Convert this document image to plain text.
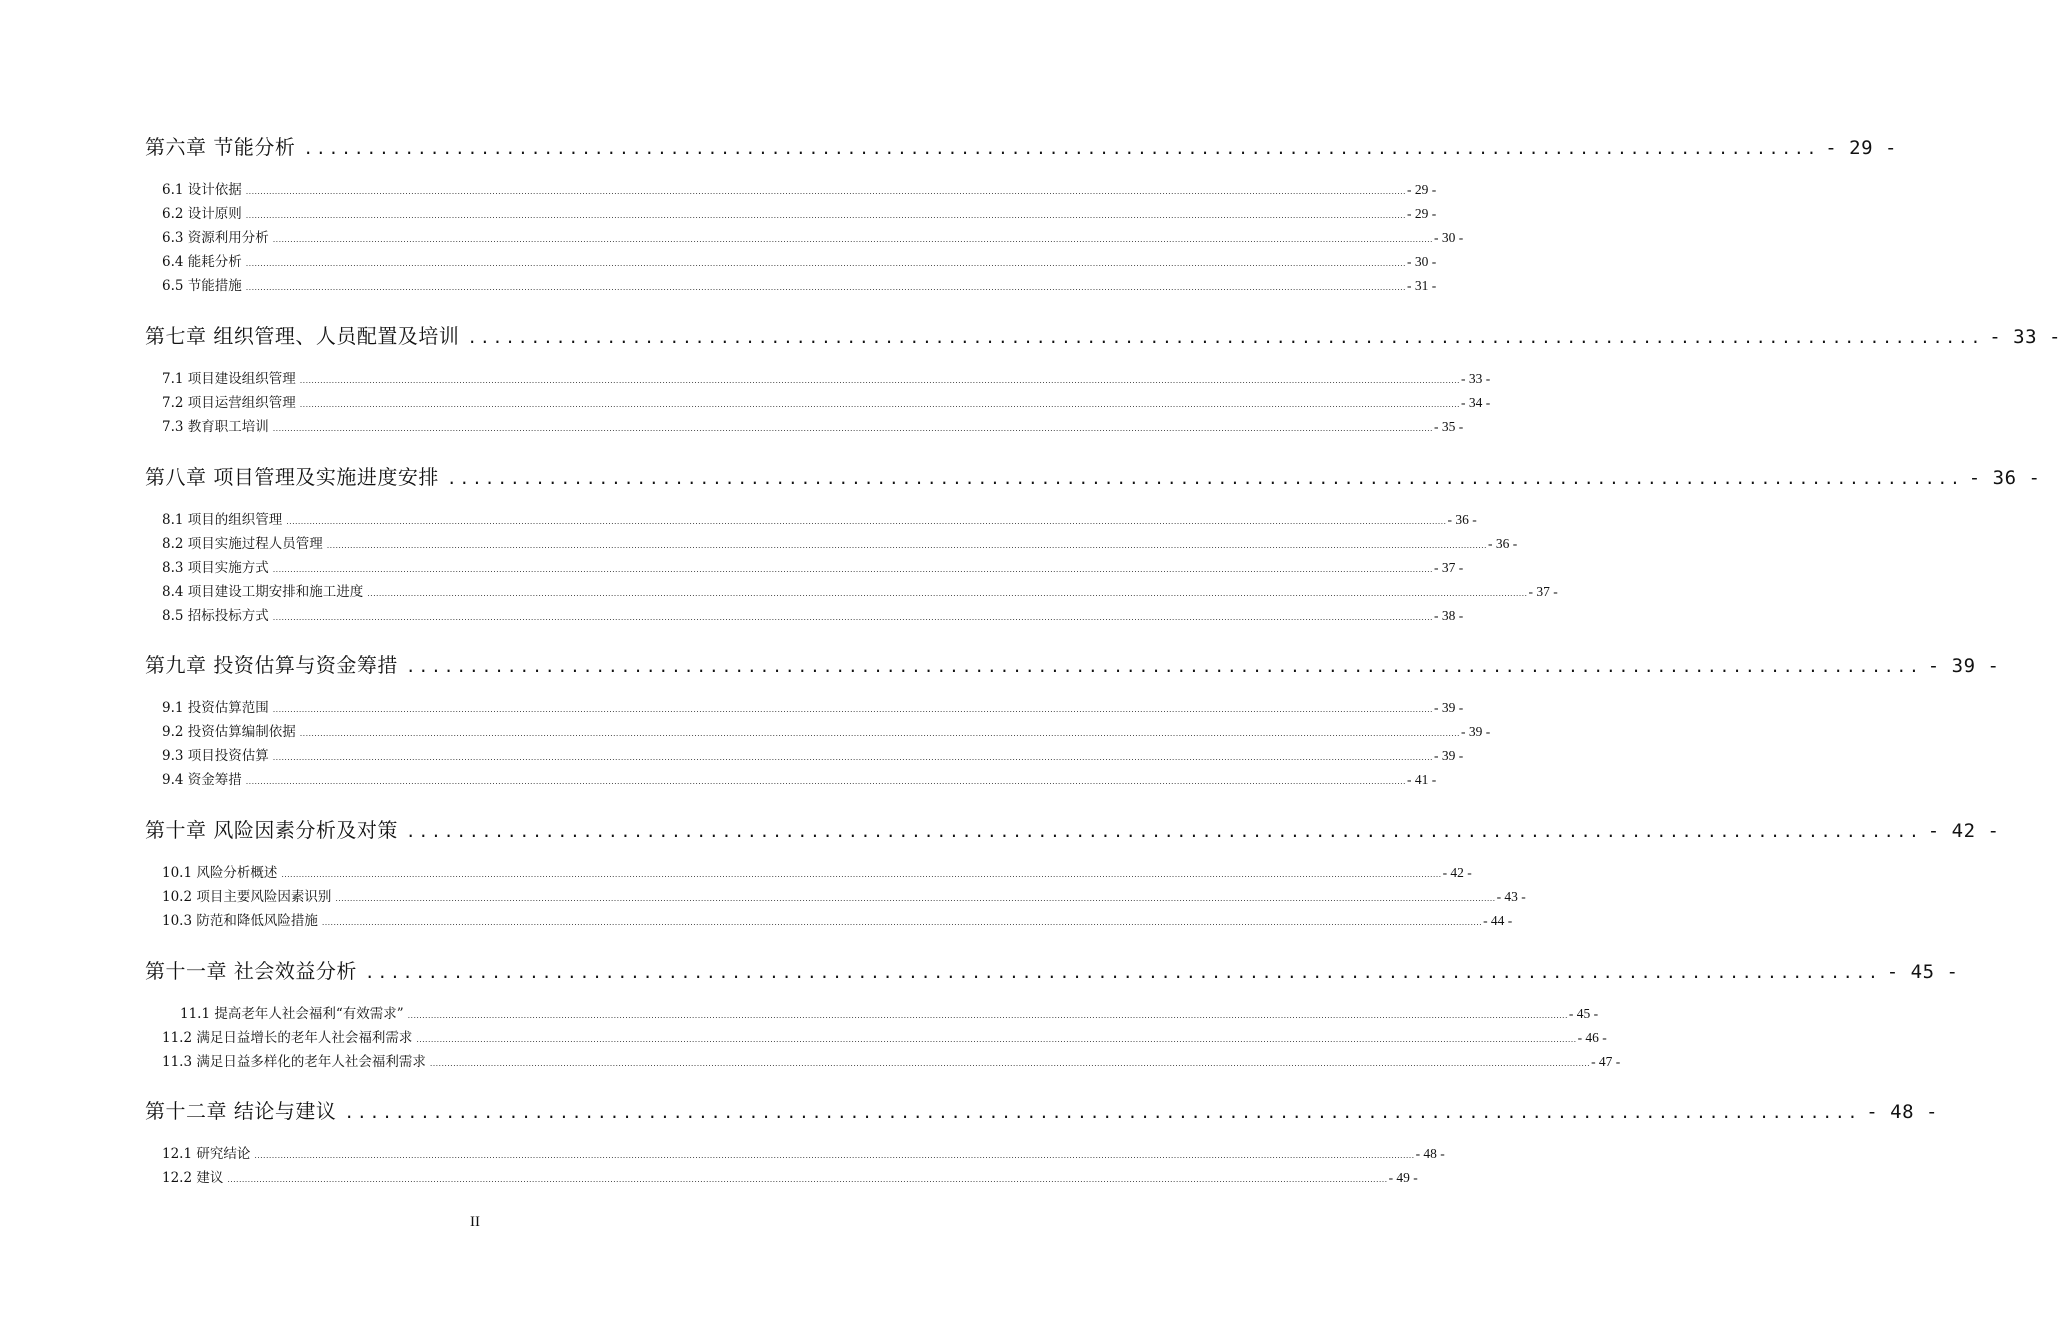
第六章 节能分析 ........................................................................................................................ - 29 -
6.1 设计依据 ................................................................................................................................................................................................................................................................................................................................................................................................................ - 29 -
6.2 设计原则 ................................................................................................................................................................................................................................................................................................................................................................................................................ - 29 -
6.3 资源利用分析 ................................................................................................................................................................................................................................................................................................................................................................................................................ - 30 -
6.4 能耗分析 ................................................................................................................................................................................................................................................................................................................................................................................................................ - 30 -
6.5 节能措施 ................................................................................................................................................................................................................................................................................................................................................................................................................ - 31 -
第七章 组织管理、人员配置及培训 ........................................................................................................................ - 33 -
7.1 项目建设组织管理 ................................................................................................................................................................................................................................................................................................................................................................................................................ - 33 -
7.2 项目运营组织管理 ................................................................................................................................................................................................................................................................................................................................................................................................................ - 34 -
7.3 教育职工培训 ................................................................................................................................................................................................................................................................................................................................................................................................................ - 35 -
第八章 项目管理及实施进度安排 ........................................................................................................................ - 36 -
8.1 项目的组织管理 ................................................................................................................................................................................................................................................................................................................................................................................................................ - 36 -
8.2 项目实施过程人员管理 ................................................................................................................................................................................................................................................................................................................................................................................................................ - 36 -
8.3 项目实施方式 ................................................................................................................................................................................................................................................................................................................................................................................................................ - 37 -
8.4 项目建设工期安排和施工进度 ................................................................................................................................................................................................................................................................................................................................................................................................................ - 37 -
8.5 招标投标方式 ................................................................................................................................................................................................................................................................................................................................................................................................................ - 38 -
第九章 投资估算与资金筹措 ........................................................................................................................ - 39 -
9.1 投资估算范围 ................................................................................................................................................................................................................................................................................................................................................................................................................ - 39 -
9.2 投资估算编制依据 ................................................................................................................................................................................................................................................................................................................................................................................................................ - 39 -
9.3 项目投资估算 ................................................................................................................................................................................................................................................................................................................................................................................................................ - 39 -
9.4 资金筹措 ................................................................................................................................................................................................................................................................................................................................................................................................................ - 41 -
第十章 风险因素分析及对策 ........................................................................................................................ - 42 -
10.1 风险分析概述 ................................................................................................................................................................................................................................................................................................................................................................................................................ - 42 -
10.2 项目主要风险因素识别 ................................................................................................................................................................................................................................................................................................................................................................................................................ - 43 -
10.3 防范和降低风险措施 ................................................................................................................................................................................................................................................................................................................................................................................................................ - 44 -
第十一章 社会效益分析 ........................................................................................................................ - 45 -
11.1 提高老年人社会福利“有效需求” ................................................................................................................................................................................................................................................................................................................................................................................................................ - 45 -
11.2 满足日益增长的老年人社会福利需求 ................................................................................................................................................................................................................................................................................................................................................................................................................ - 46 -
11.3 满足日益多样化的老年人社会福利需求 ................................................................................................................................................................................................................................................................................................................................................................................................................ - 47 -
第十二章 结论与建议 ........................................................................................................................ - 48 -
12.1 研究结论 ................................................................................................................................................................................................................................................................................................................................................................................................................ - 48 -
12.2 建议 ................................................................................................................................................................................................................................................................................................................................................................................................................ - 49 -
II
